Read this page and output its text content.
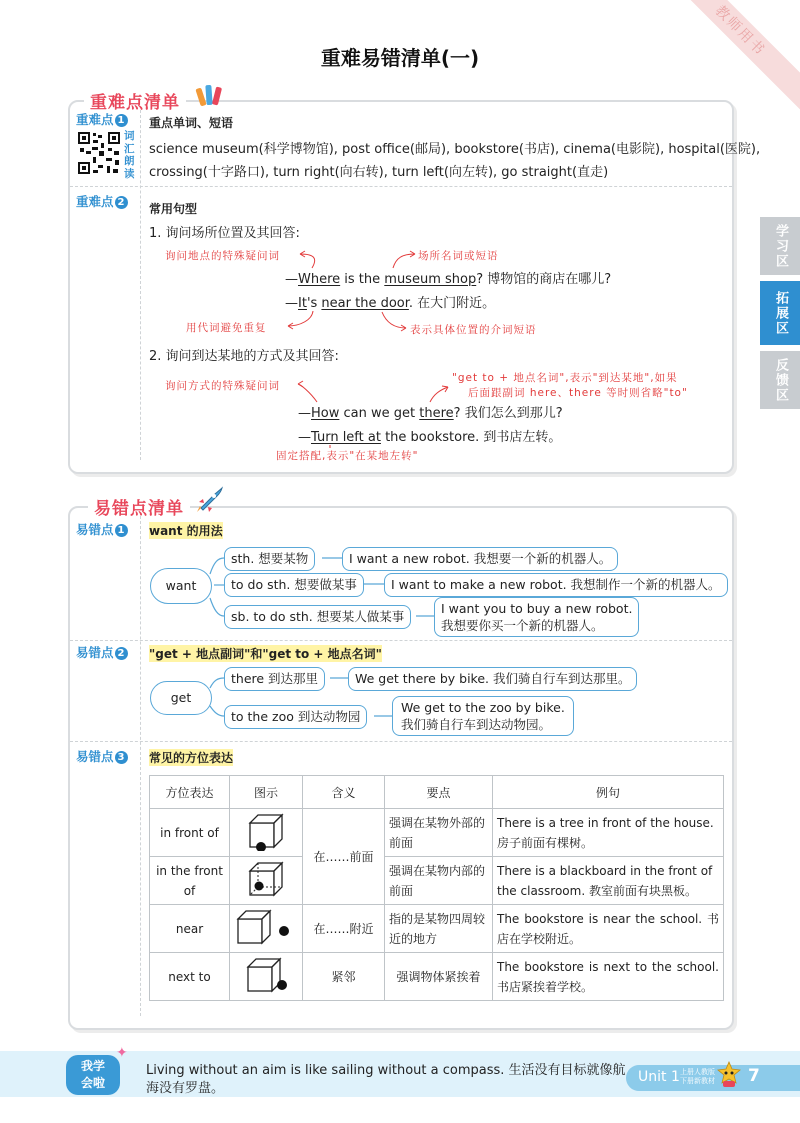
教师用书
重难易错清单(一)
学习区
拓展区
反馈区
重难点清单
重难点 1
词汇朗读
重点单词、短语
science museum(科学博物馆), post office(邮局), bookstore(书店), cinema(电影院), hospital(医院),
crossing(十字路口), turn right(向右转), turn left(向左转), go straight(直走)
重难点 2 常用句型
1. 询问场所位置及其回答:
询问地点的特殊疑问词	场所名词或短语
—Where is the museum shop? 博物馆的商店在哪儿?
—It's near the door. 在大门附近。
用代词避免重复	表示具体位置的介词短语
2. 询问到达某地的方式及其回答:
询问方式的特殊疑问词
"get to + 地点名词",表示"到达某地",如果
后面跟副词 here、there 等时则省略"to"
—How can we get there? 我们怎么到那儿?
—Turn left at the bookstore. 到书店左转。
固定搭配,表示"在某地左转"
易错点清单
易错点 1 want 的用法
want
sth. 想要某物	I want a new robot. 我想要一个新的机器人。
to do sth. 想要做某事	I want to make a new robot. 我想制作一个新的机器人。
sb. to do sth. 想要某人做某事
I want you to buy a new robot.
我想要你买一个新的机器人。
易错点 2 "get + 地点副词"和"get to + 地点名词"
get
there 到达那里	We get there by bike. 我们骑自行车到达那里。
to the zoo 到达动物园
We get to the zoo by bike.
我们骑自行车到达动物园。
易错点 3 常见的方位表达
方位表达	图示	含义	要点	例句
in front of		在……前面	强调在某物外部的前面	There is a tree in front of the house. 房子前面有棵树。
in the front of			强调在某物内部的前面	There is a blackboard in the front of the classroom. 教室前面有块黑板。
near		在……附近	指的是某物四周较近的地方	The bookstore is near the school. 书店在学校附近。
next to		紧邻	强调物体紧挨着	The bookstore is next to the school. 书店紧挨着学校。
我学
会啦
✦
Living without an aim is like sailing without a compass. 生活没有目标就像航
海没有罗盘。
Unit 1 上册人教版
下册新教材 7
